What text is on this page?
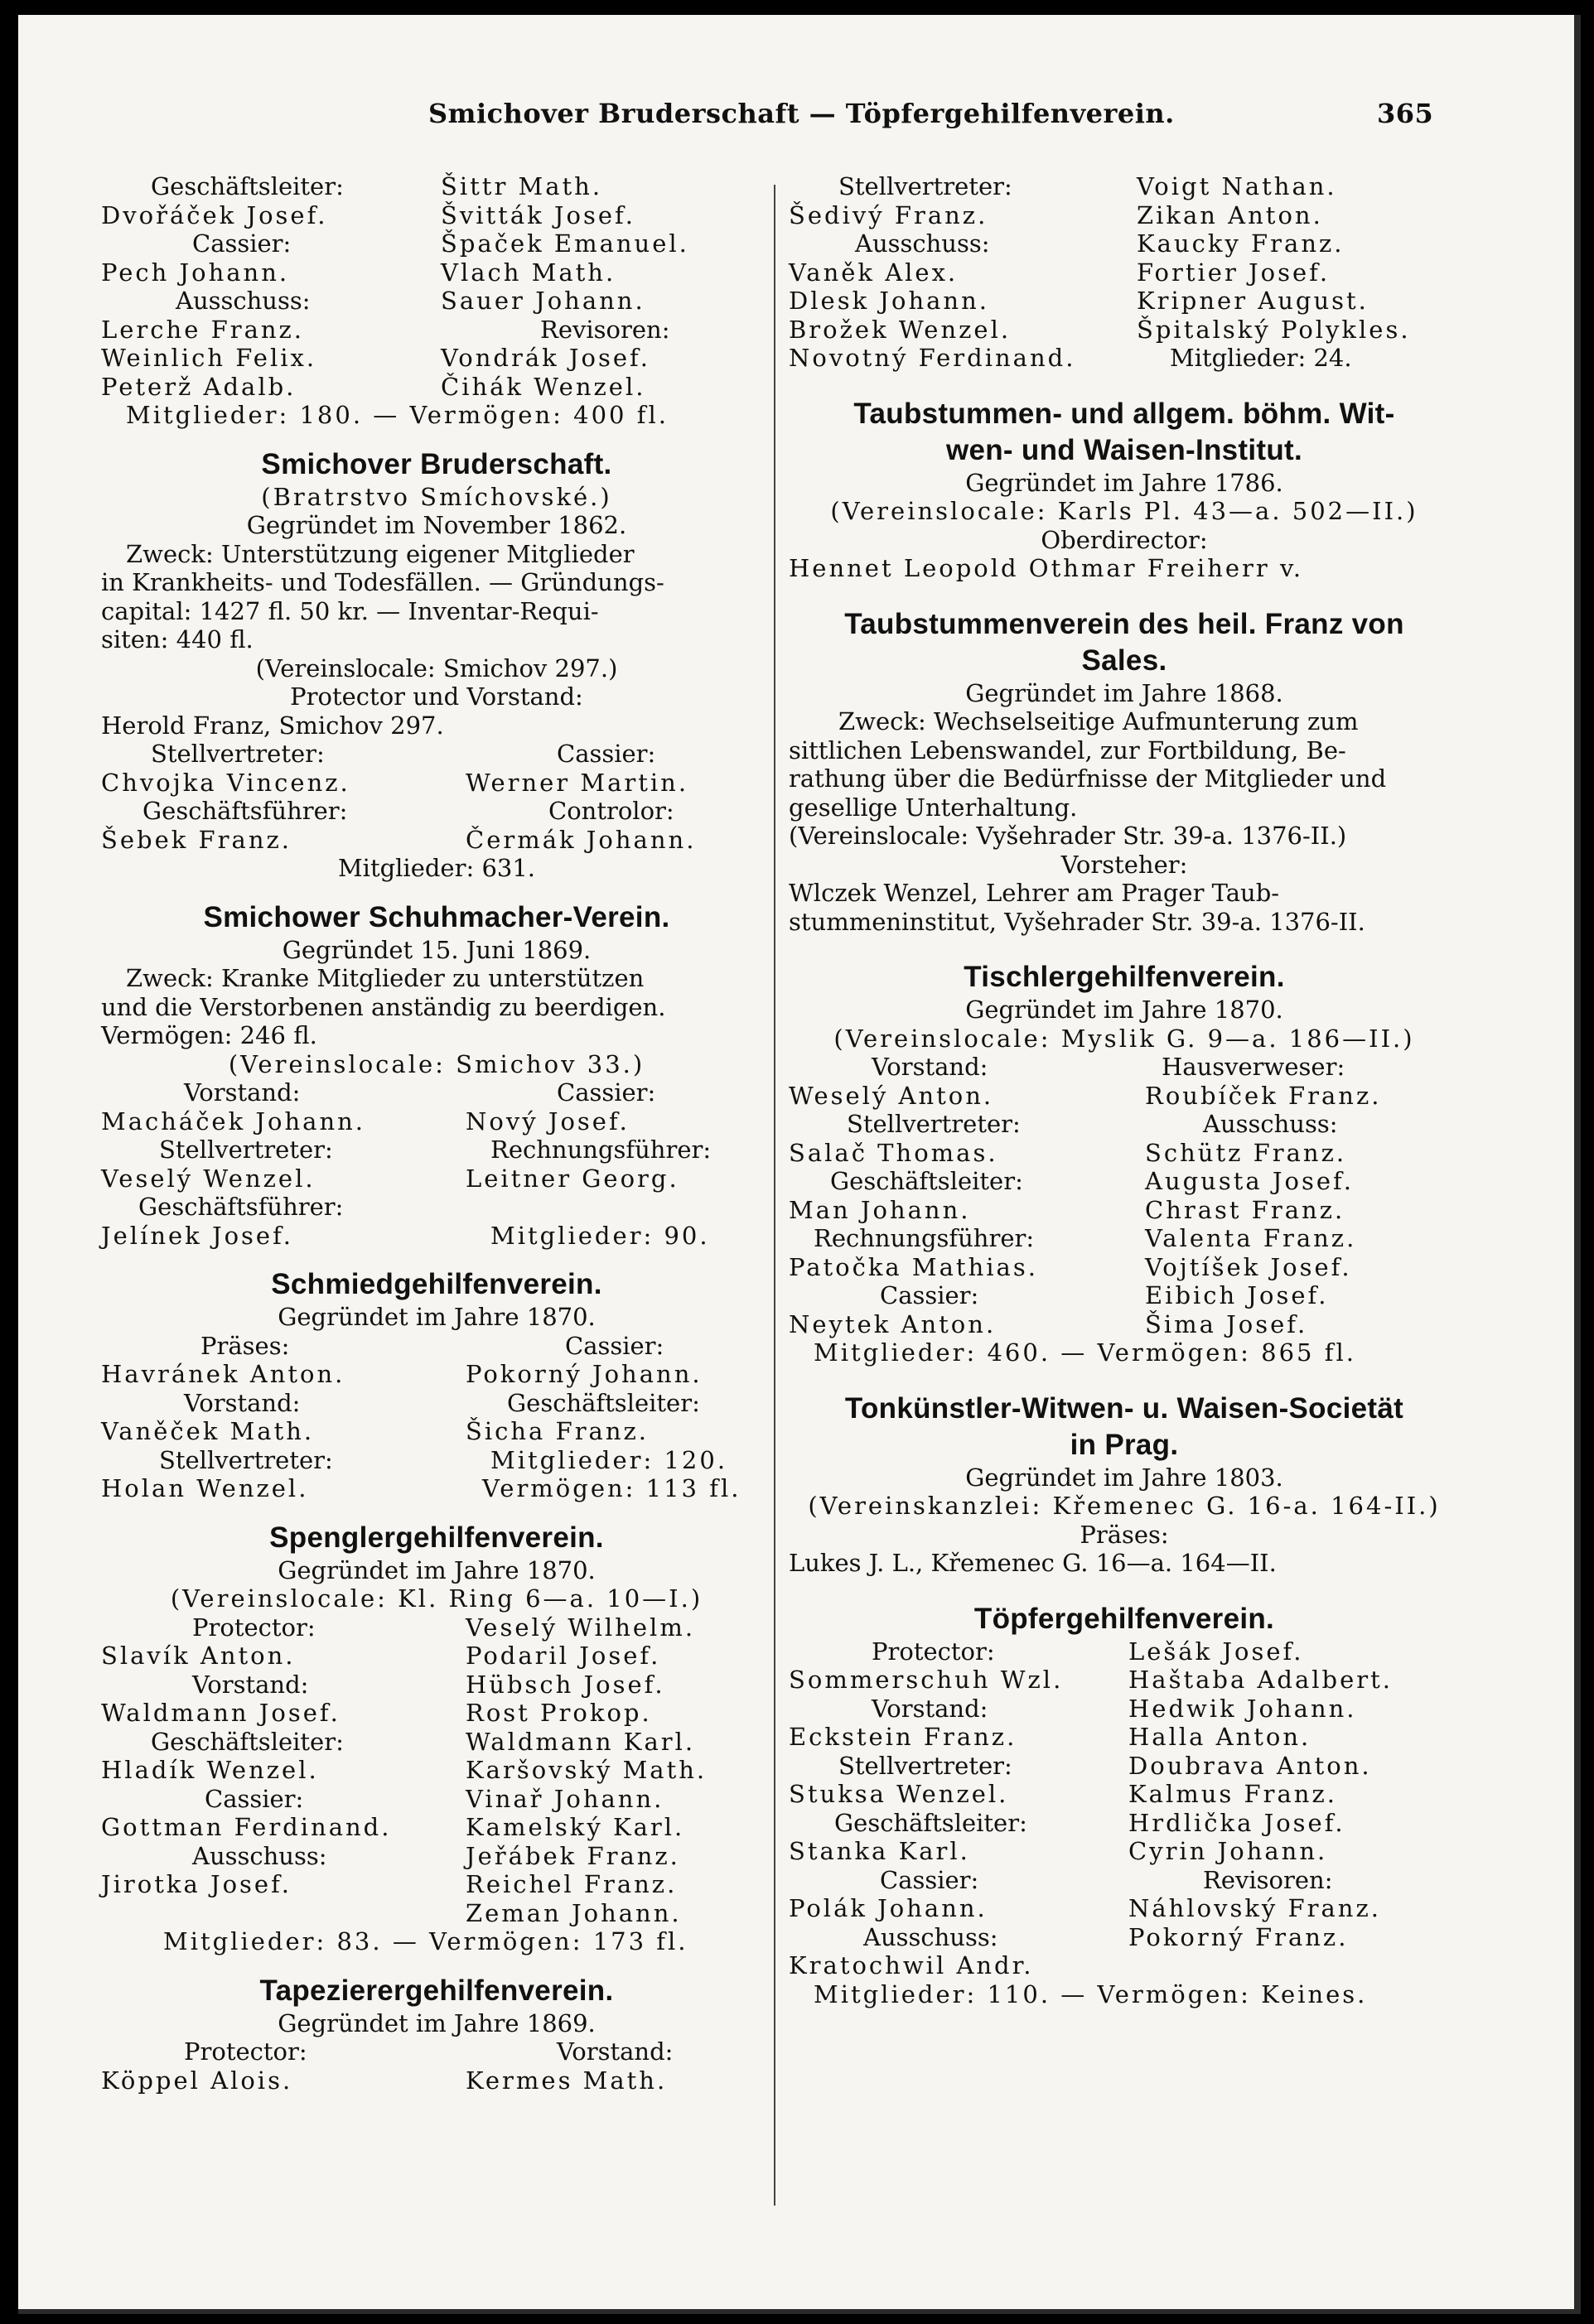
Smichover Bruderschaft — Töpfergehilfenverein.	365
Geschäftsleiter:	Šittr Math.
Dvořáček Josef.	Švitták Josef.
Cassier:	Špaček Emanuel.
Pech Johann.	Vlach Math.
Ausschuss:	Sauer Johann.
Lerche Franz.	Revisoren:
Weinlich Felix.	Vondrák Josef.
Peterž Adalb.	Čihák Wenzel.
Mitglieder: 180. — Vermögen: 400 fl.
Smichover Bruderschaft.
(Bratrstvo Smíchovské.)
Gegründet im November 1862.
Zweck: Unterstützung eigener Mitglieder
in Krankheits- und Todesfällen. — Gründungs-
capital: 1427 fl. 50 kr. — Inventar-Requi-
siten: 440 fl.
(Vereinslocale: Smichov 297.)
Protector und Vorstand:
Herold Franz, Smichov 297.
Stellvertreter:	Cassier:
Chvojka Vincenz.	Werner Martin.
Geschäftsführer:	Controlor:
Šebek Franz.	Čermák Johann.
Mitglieder: 631.
Smichower Schuhmacher-Verein.
Gegründet 15. Juni 1869.
Zweck: Kranke Mitglieder zu unterstützen
und die Verstorbenen anständig zu beerdigen.
Vermögen: 246 fl.
(Vereinslocale: Smichov 33.)
Vorstand:	Cassier:
Macháček Johann.	Nový Josef.
Stellvertreter:	Rechnungsführer:
Veselý Wenzel.	Leitner Georg.
Geschäftsführer:
Jelínek Josef.	Mitglieder: 90.
Schmiedgehilfenverein.
Gegründet im Jahre 1870.
Präses:	Cassier:
Havránek Anton.	Pokorný Johann.
Vorstand:	Geschäftsleiter:
Vaněček Math.	Šicha Franz.
Stellvertreter:	Mitglieder: 120.
Holan Wenzel.	Vermögen: 113 fl.
Spenglergehilfenverein.
Gegründet im Jahre 1870.
(Vereinslocale: Kl. Ring 6—a. 10—I.)
Protector:	Veselý Wilhelm.
Slavík Anton.	Podaril Josef.
Vorstand:	Hübsch Josef.
Waldmann Josef.	Rost Prokop.
Geschäftsleiter:	Waldmann Karl.
Hladík Wenzel.	Karšovský Math.
Cassier:	Vinař Johann.
Gottman Ferdinand.	Kamelský Karl.
Ausschuss:	Jeřábek Franz.
Jirotka Josef.	Reichel Franz.
Zeman Johann.
Mitglieder: 83. — Vermögen: 173 fl.
Tapezierergehilfenverein.
Gegründet im Jahre 1869.
Protector:	Vorstand:
Köppel Alois.	Kermes Math.
Stellvertreter:	Voigt Nathan.
Šedivý Franz.	Zikan Anton.
Ausschuss:	Kaucky Franz.
Vaněk Alex.	Fortier Josef.
Dlesk Johann.	Kripner August.
Brožek Wenzel.	Špitalský Polykles.
Novotný Ferdinand.	Mitglieder: 24.
Taubstummen- und allgem. böhm. Wit-
wen- und Waisen-Institut.
Gegründet im Jahre 1786.
(Vereinslocale: Karls Pl. 43—a. 502—II.)
Oberdirector:
Hennet Leopold Othmar Freiherr v.
Taubstummenverein des heil. Franz von
Sales.
Gegründet im Jahre 1868.
Zweck: Wechselseitige Aufmunterung zum
sittlichen Lebenswandel, zur Fortbildung, Be-
rathung über die Bedürfnisse der Mitglieder und
gesellige Unterhaltung.
(Vereinslocale: Vyšehrader Str. 39-a. 1376-II.)
Vorsteher:
Wlczek Wenzel, Lehrer am Prager Taub-
stummeninstitut, Vyšehrader Str. 39-a. 1376-II.
Tischlergehilfenverein.
Gegründet im Jahre 1870.
(Vereinslocale: Myslik G. 9—a. 186—II.)
Vorstand:	Hausverweser:
Weselý Anton.	Roubíček Franz.
Stellvertreter:	Ausschuss:
Salač Thomas.	Schütz Franz.
Geschäftsleiter:	Augusta Josef.
Man Johann.	Chrast Franz.
Rechnungsführer:	Valenta Franz.
Patočka Mathias.	Vojtíšek Josef.
Cassier:	Eibich Josef.
Neytek Anton.	Šima Josef.
Mitglieder: 460. — Vermögen: 865 fl.
Tonkünstler-Witwen- u. Waisen-Societät
in Prag.
Gegründet im Jahre 1803.
(Vereinskanzlei: Křemenec G. 16-a. 164-II.)
Präses:
Lukes J. L., Křemenec G. 16—a. 164—II.
Töpfergehilfenverein.
Protector:	Lešák Josef.
Sommerschuh Wzl.	Haštaba Adalbert.
Vorstand:	Hedwik Johann.
Eckstein Franz.	Halla Anton.
Stellvertreter:	Doubrava Anton.
Stuksa Wenzel.	Kalmus Franz.
Geschäftsleiter:	Hrdlička Josef.
Stanka Karl.	Cyrin Johann.
Cassier:	Revisoren:
Polák Johann.	Náhlovský Franz.
Ausschuss:	Pokorný Franz.
Kratochwil Andr.
Mitglieder: 110. — Vermögen: Keines.
